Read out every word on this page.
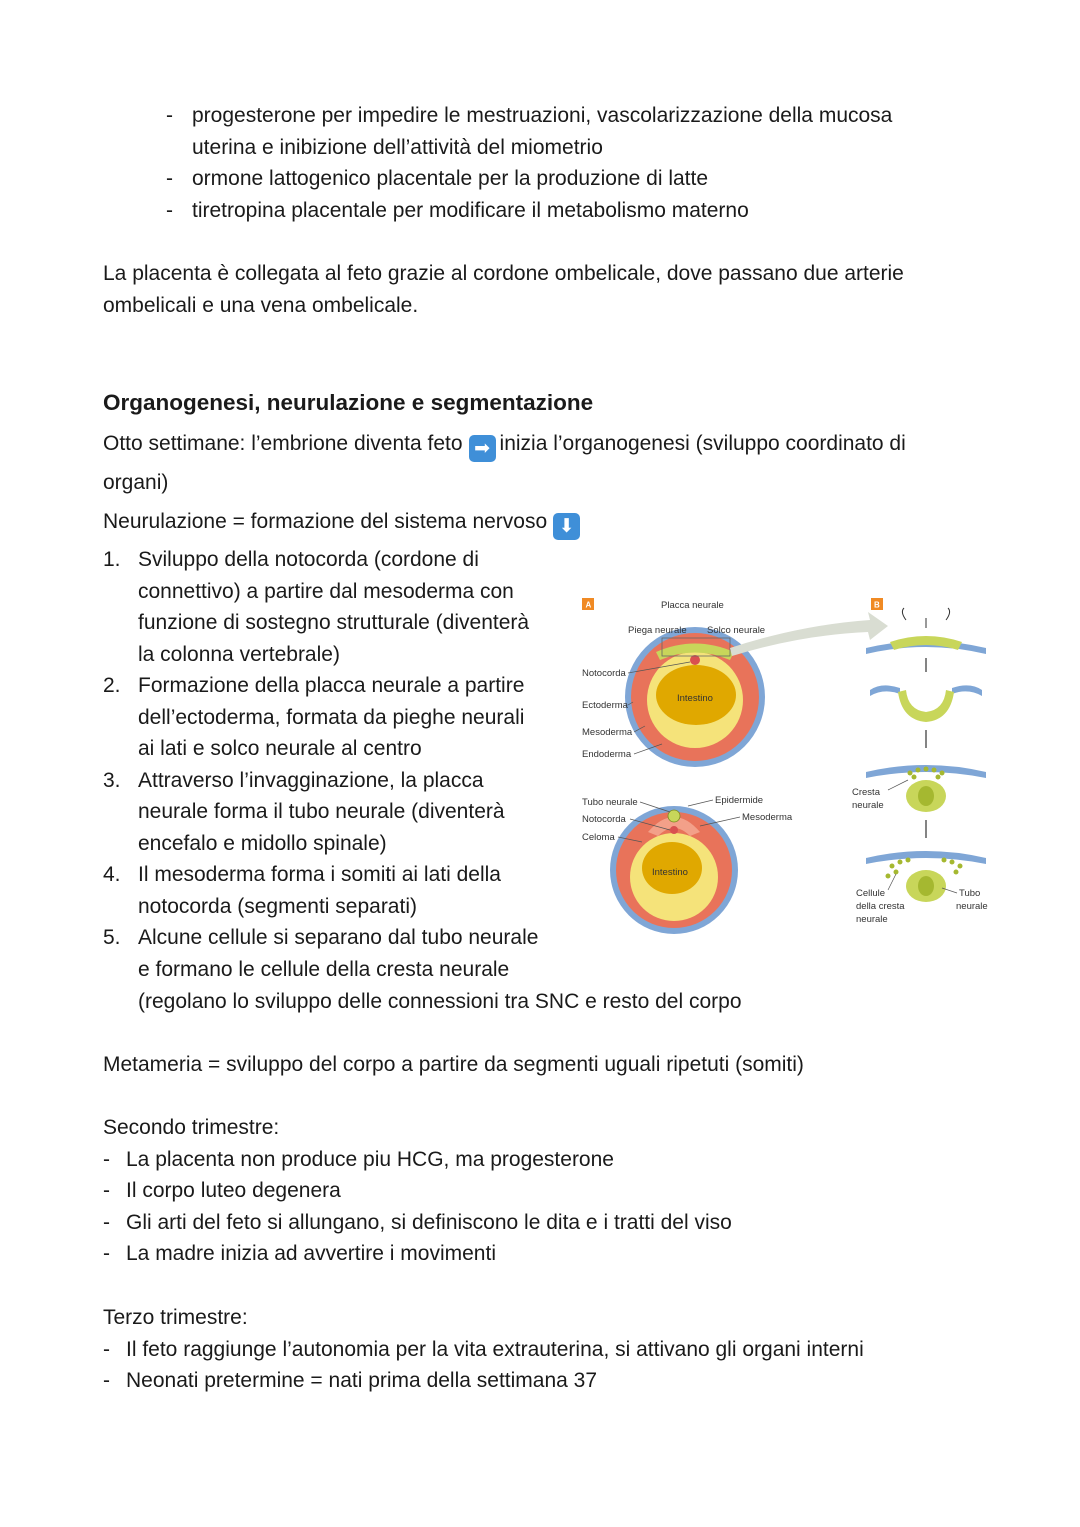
- progesterone per impedire le mestruazioni, vascolarizzazione della mucosa
uterina e inibizione dell’attività del miometrio
- ormone lattogenico placentale per la produzione di latte
- tiretropina placentale per modificare il metabolismo materno
La placenta è collegata al feto grazie al cordone ombelicale, dove passano due arterie
ombelicali e una vena ombelicale.
Organogenesi, neurulazione e segmentazione
Otto settimane: l’embrione diventa feto ➡ inizia l’organogenesi (sviluppo coordinato di
organi)
Neurulazione = formazione del sistema nervoso ⬇
1. Sviluppo della notocorda (cordone di
connettivo) a partire dal mesoderma con
funzione di sostegno strutturale (diventerà
la colonna vertebrale)
2. Formazione della placca neurale a partire
dell’ectoderma, formata da pieghe neurali
ai lati e solco neurale al centro
3. Attraverso l’invagginazione, la placca
neurale forma il tubo neurale (diventerà
encefalo e midollo spinale)
4. Il mesoderma forma i somiti ai lati della
notocorda (segmenti separati)
5. Alcune cellule si separano dal tubo neurale
e formano le cellule della cresta neurale
(regolano lo sviluppo delle connessioni tra SNC e resto del corpo
A	Placca neurale
Piega neurale Solco neurale
Notocorda
Ectoderma
Mesoderma
Endoderma
Intestino
Tubo neurale
Notocorda
Celoma
Epidermide
Mesoderma
Intestino
B
Cresta
neurale
Cellule
della cresta
neurale
Tubo
neurale
Metameria = sviluppo del corpo a partire da segmenti uguali ripetuti (somiti)
Secondo trimestre:
- La placenta non produce piu HCG, ma progesterone
- Il corpo luteo degenera
- Gli arti del feto si allungano, si definiscono le dita e i tratti del viso
- La madre inizia ad avvertire i movimenti
Terzo trimestre:
- Il feto raggiunge l’autonomia per la vita extrauterina, si attivano gli organi interni
- Neonati pretermine = nati prima della settimana 37
